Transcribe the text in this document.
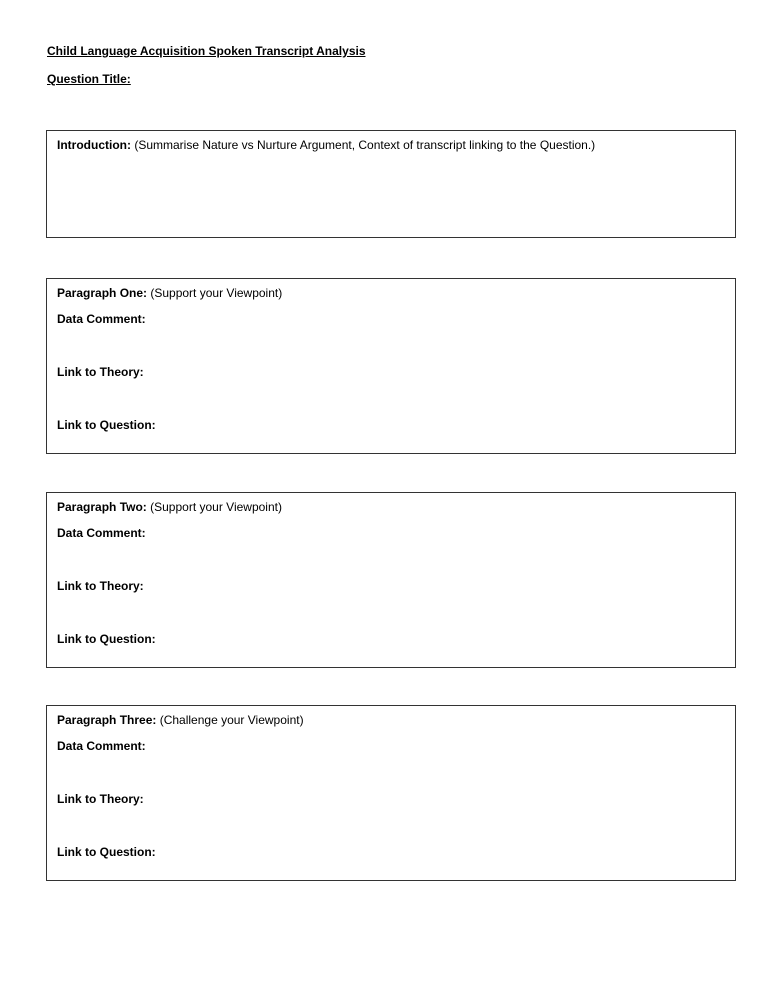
Child Language Acquisition Spoken Transcript Analysis
Question Title:
Introduction: (Summarise Nature vs Nurture Argument, Context of transcript linking to the Question.)
Paragraph One: (Support your Viewpoint)
Data Comment:
Link to Theory:
Link to Question:
Paragraph Two: (Support your Viewpoint)
Data Comment:
Link to Theory:
Link to Question:
Paragraph Three: (Challenge your Viewpoint)
Data Comment:
Link to Theory:
Link to Question:
